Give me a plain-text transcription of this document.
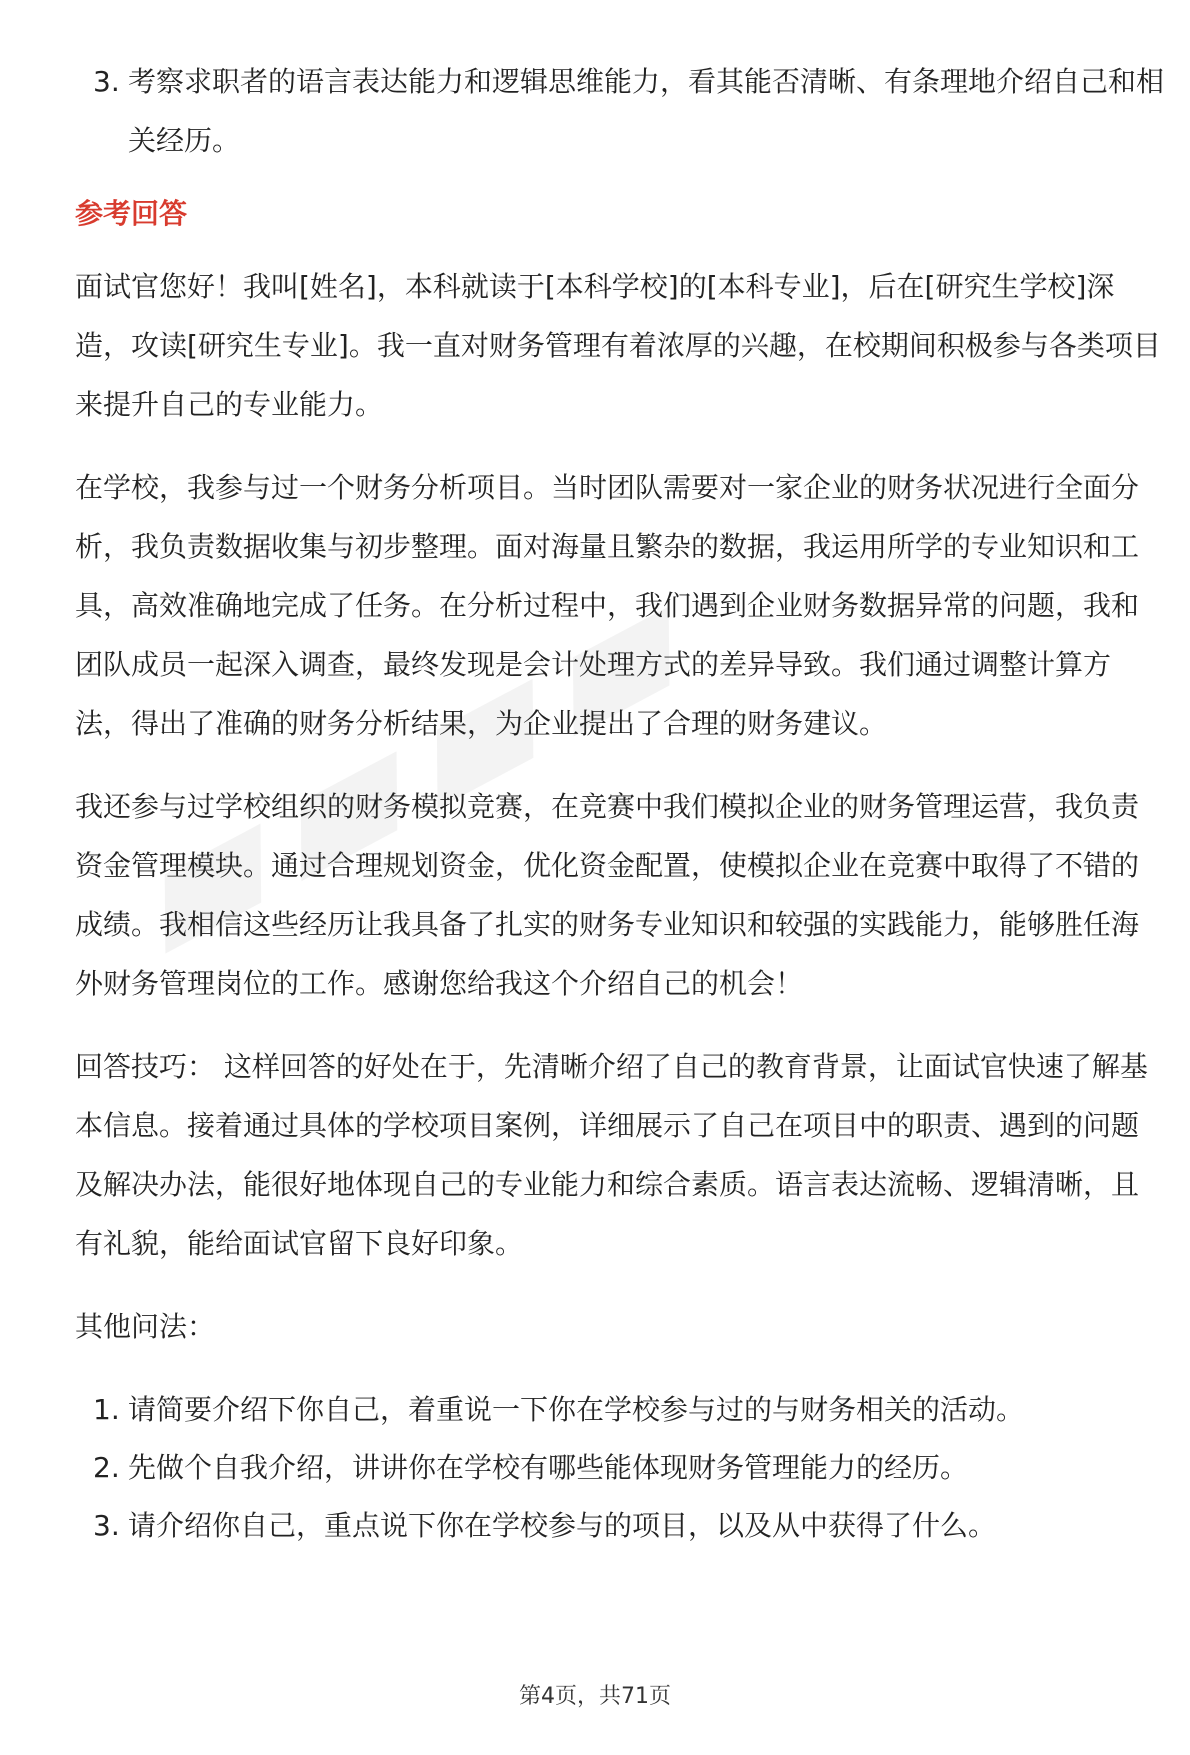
3. 考察求职者的语言表达能力和逻辑思维能力，看其能否清晰、有条理地介绍自己和相关经历。
参考回答

面试官您好！我叫[姓名]，本科就读于[本科学校]的[本科专业]，后在[研究生学校]深造，攻读[研究生专业]。我一直对财务管理有着浓厚的兴趣，在校期间积极参与各类项目来提升自己的专业能力。

在学校，我参与过一个财务分析项目。当时团队需要对一家企业的财务状况进行全面分析，我负责数据收集与初步整理。面对海量且繁杂的数据，我运用所学的专业知识和工具，高效准确地完成了任务。在分析过程中，我们遇到企业财务数据异常的问题，我和团队成员一起深入调查，最终发现是会计处理方式的差异导致。我们通过调整计算方法，得出了准确的财务分析结果，为企业提出了合理的财务建议。

我还参与过学校组织的财务模拟竞赛，在竞赛中我们模拟企业的财务管理运营，我负责资金管理模块。通过合理规划资金，优化资金配置，使模拟企业在竞赛中取得了不错的成绩。我相信这些经历让我具备了扎实的财务专业知识和较强的实践能力，能够胜任海外财务管理岗位的工作。感谢您给我这个介绍自己的机会！

回答技巧： 这样回答的好处在于，先清晰介绍了自己的教育背景，让面试官快速了解基本信息。接着通过具体的学校项目案例，详细展示了自己在项目中的职责、遇到的问题及解决办法，能很好地体现自己的专业能力和综合素质。语言表达流畅、逻辑清晰，且有礼貌，能给面试官留下良好印象。

其他问法：

1. 请简要介绍下你自己，着重说一下你在学校参与过的与财务相关的活动。
2. 先做个自我介绍，讲讲你在学校有哪些能体现财务管理能力的经历。
3. 请介绍你自己，重点说下你在学校参与的项目，以及从中获得了什么。
第4页，共71页
